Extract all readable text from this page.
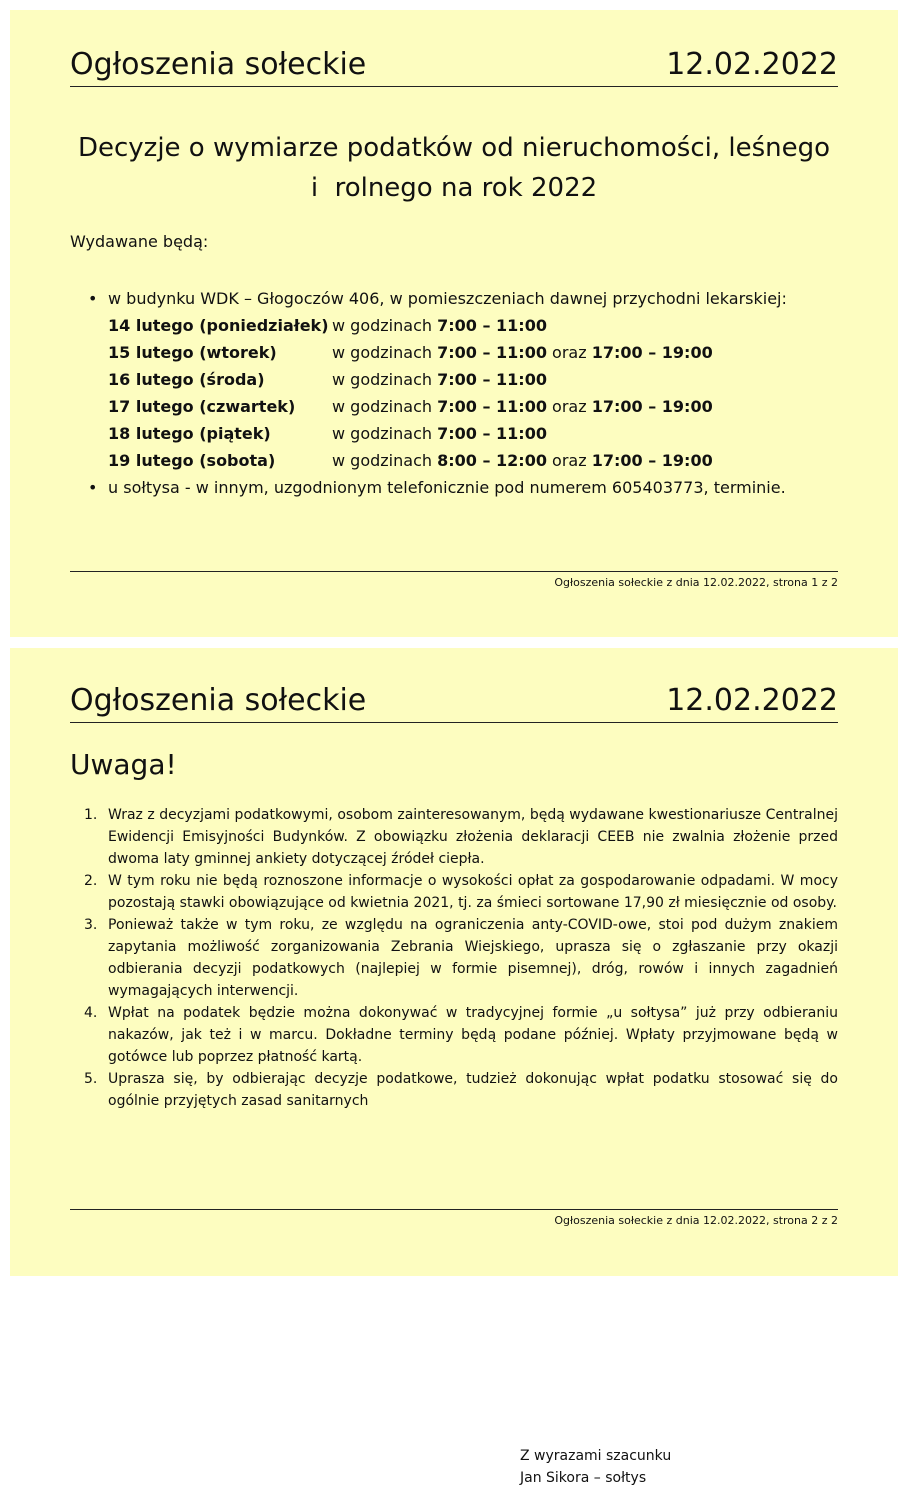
Ogłoszenia sołeckie	12.02.2022
Decyzje o wymiarze podatków od nieruchomości, leśnego
i  rolnego na rok 2022
Wydawane będą:
• w budynku WDK – Głogoczów 406, w pomieszczeniach dawnej przychodni lekarskiej:
14 lutego (poniedziałek) w godzinach 7:00 – 11:00
15 lutego (wtorek)	w godzinach 7:00 – 11:00 oraz 17:00 – 19:00
16 lutego (środa)	w godzinach 7:00 – 11:00
17 lutego (czwartek)	w godzinach 7:00 – 11:00 oraz 17:00 – 19:00
18 lutego (piątek)	w godzinach 7:00 – 11:00
19 lutego (sobota)	w godzinach 8:00 – 12:00 oraz 17:00 – 19:00
• u sołtysa - w innym, uzgodnionym telefonicznie pod numerem 605403773, terminie.
Ogłoszenia sołeckie z dnia 12.02.2022, strona 1 z 2
Ogłoszenia sołeckie	12.02.2022
Uwaga!
1. Wraz z decyzjami podatkowymi, osobom zainteresowanym, będą wydawane kwestionariusze Centralnej Ewidencji Emisyjności Budynków. Z obowiązku złożenia deklaracji CEEB nie zwalnia złożenie przed dwoma laty gminnej ankiety dotyczącej źródeł ciepła.
2. W tym roku nie będą roznoszone informacje o wysokości opłat za gospodarowanie odpadami. W mocy pozostają stawki obowiązujące od kwietnia 2021, tj. za śmieci sortowane 17,90 zł miesięcznie od osoby.
3. Ponieważ także w tym roku, ze względu na ograniczenia anty-COVID-owe, stoi pod dużym znakiem zapytania możliwość zorganizowania Zebrania Wiejskiego, uprasza się o zgłaszanie przy okazji odbierania decyzji podatkowych (najlepiej w formie pisemnej), dróg, rowów i innych zagadnień wymagających interwencji.
4. Wpłat na podatek będzie można dokonywać w tradycyjnej formie „u sołtysa” już przy odbieraniu nakazów, jak też i w marcu. Dokładne terminy będą podane później. Wpłaty przyjmowane będą w gotówce lub poprzez płatność kartą.
5. Uprasza się, by odbierając decyzje podatkowe, tudzież dokonując wpłat podatku stosować się do ogólnie przyjętych zasad sanitarnych
Z wyrazami szacunku
Jan Sikora – sołtys
Ogłoszenia sołeckie z dnia 12.02.2022, strona 2 z 2
